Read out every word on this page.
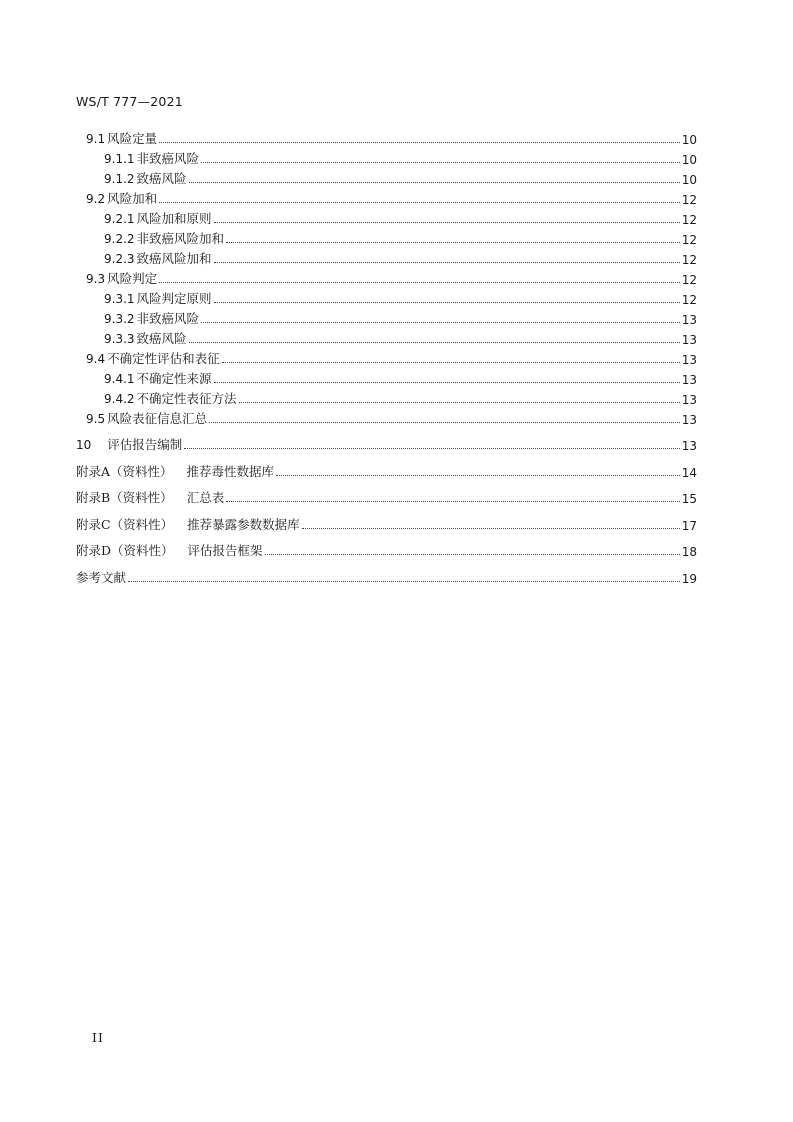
WS/T 777—2021
9.1 风险定量	10
9.1.1 非致癌风险	10
9.1.2 致癌风险	10
9.2 风险加和	12
9.2.1 风险加和原则	12
9.2.2 非致癌风险加和	12
9.2.3 致癌风险加和	12
9.3 风险判定	12
9.3.1 风险判定原则	12
9.3.2 非致癌风险	13
9.3.3 致癌风险	13
9.4 不确定性评估和表征	13
9.4.1 不确定性来源	13
9.4.2 不确定性表征方法	13
9.5 风险表征信息汇总	13
10 评估报告编制	13
附录A（资料性） 推荐毒性数据库	14
附录B（资料性） 汇总表	15
附录C（资料性） 推荐暴露参数数据库	17
附录D（资料性） 评估报告框架	18
参考文献	19
II
